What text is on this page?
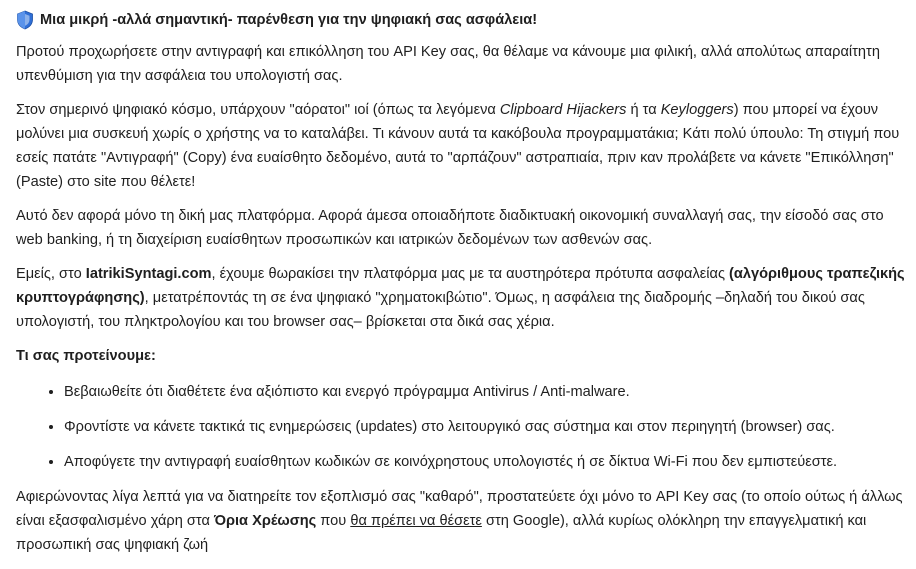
Μια μικρή -αλλά σημαντική- παρένθεση για την ψηφιακή σας ασφάλεια!

Προτού προχωρήσετε στην αντιγραφή και επικόλληση του API Key σας, θα θέλαμε να κάνουμε μια φιλική, αλλά απολύτως απαραίτητη υπενθύμιση για την ασφάλεια του υπολογιστή σας.

Στον σημερινό ψηφιακό κόσμο, υπάρχουν "αόρατοι" ιοί (όπως τα λεγόμενα Clipboard Hijackers ή τα Keyloggers) που μπορεί να έχουν μολύνει μια συσκευή χωρίς ο χρήστης να το καταλάβει. Τι κάνουν αυτά τα κακόβουλα προγραμματάκια; Κάτι πολύ ύπουλο: Τη στιγμή που εσείς πατάτε "Αντιγραφή" (Copy) ένα ευαίσθητο δεδομένο, αυτά το "αρπάζουν" αστραπιαία, πριν καν προλάβετε να κάνετε "Επικόλληση" (Paste) στο site που θέλετε!

Αυτό δεν αφορά μόνο τη δική μας πλατφόρμα. Αφορά άμεσα οποιαδήποτε διαδικτυακή οικονομική συναλλαγή σας, την είσοδό σας στο web banking, ή τη διαχείριση ευαίσθητων προσωπικών και ιατρικών δεδομένων των ασθενών σας.

Εμείς, στο IatrikiSyntagi.com, έχουμε θωρακίσει την πλατφόρμα μας με τα αυστηρότερα πρότυπα ασφαλείας (αλγόριθμους τραπεζικής κρυπτογράφησης), μετατρέποντάς τη σε ένα ψηφιακό "χρηματοκιβώτιο". Όμως, η ασφάλεια της διαδρομής –δηλαδή του δικού σας υπολογιστή, του πληκτρολογίου και του browser σας– βρίσκεται στα δικά σας χέρια.

Τι σας προτείνουμε:
• Βεβαιωθείτε ότι διαθέτετε ένα αξιόπιστο και ενεργό πρόγραμμα Antivirus / Anti-malware.
• Φροντίστε να κάνετε τακτικά τις ενημερώσεις (updates) στο λειτουργικό σας σύστημα και στον περιηγητή (browser) σας.
• Αποφύγετε την αντιγραφή ευαίσθητων κωδικών σε κοινόχρηστους υπολογιστές ή σε δίκτυα Wi-Fi που δεν εμπιστεύεστε.

Αφιερώνοντας λίγα λεπτά για να διατηρείτε τον εξοπλισμό σας "καθαρό", προστατεύετε όχι μόνο το API Key σας (το οποίο ούτως ή άλλως είναι εξασφαλισμένο χάρη στα Όρια Χρέωσης που θα πρέπει να θέσετε στη Google), αλλά κυρίως ολόκληρη την επαγγελματική και προσωπική σας ψηφιακή ζωή
